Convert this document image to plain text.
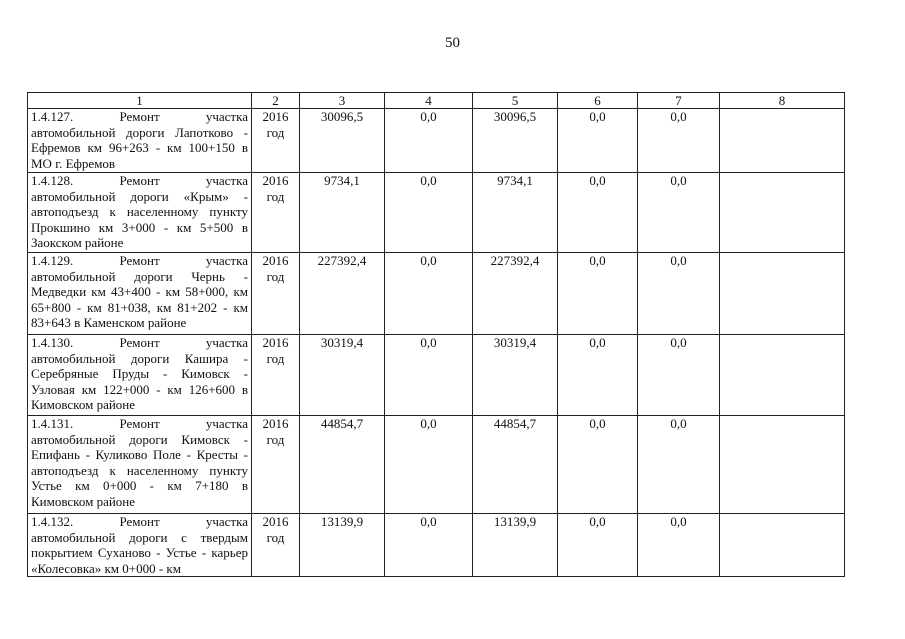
50
1	2	3	4	5	6	7	8
1.4.127. Ремонт участка автомобильной дороги Лапотково - Ефремов км 96+263 - км 100+150 в МО г. Ефремов	2016 год	30096,5	0,0	30096,5	0,0	0,0	
1.4.128. Ремонт участка автомобильной дороги «Крым» - автоподъезд к населенному пункту Прокшино км 3+000 - км 5+500 в Заокском районе	2016 год	9734,1	0,0	9734,1	0,0	0,0	
1.4.129. Ремонт участка автомобильной дороги Чернь - Медведки км 43+400 - км 58+000, км 65+800 - км 81+038, км 81+202 - км 83+643 в Каменском районе	2016 год	227392,4	0,0	227392,4	0,0	0,0	
1.4.130. Ремонт участка автомобильной дороги Кашира - Серебряные Пруды - Кимовск - Узловая км 122+000 - км 126+600 в Кимовском районе	2016 год	30319,4	0,0	30319,4	0,0	0,0	
1.4.131. Ремонт участка автомобильной дороги Кимовск - Епифань - Куликово Поле - Кресты - автоподъезд к населенному пункту Устье км 0+000 - км 7+180 в Кимовском районе	2016 год	44854,7	0,0	44854,7	0,0	0,0	
1.4.132. Ремонт участка автомобильной дороги с твердым покрытием Суханово - Устье - карьер «Колесовка» км 0+000 - км	2016 год	13139,9	0,0	13139,9	0,0	0,0	
